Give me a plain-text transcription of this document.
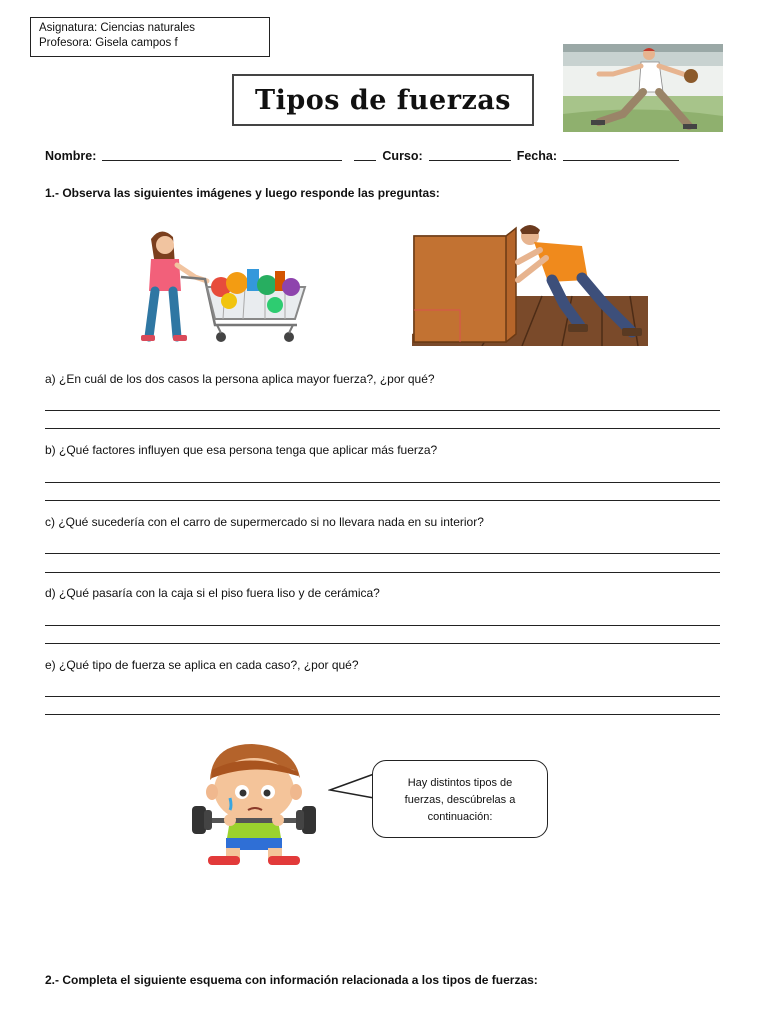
Asignatura: Ciencias naturales
Profesora: Gisela campos f
Tipos de fuerzas
Nombre:	Curso:	Fecha:
1.- Observa las siguientes imágenes y luego responde las preguntas:
a) ¿En cuál de los dos casos la persona aplica mayor fuerza?, ¿por qué?
b) ¿Qué factores influyen que esa persona tenga que aplicar más fuerza?
c) ¿Qué sucedería con el carro de supermercado si no llevara nada en su interior?
d) ¿Qué pasaría con la caja si el piso fuera liso y de cerámica?
e) ¿Qué tipo de fuerza se aplica en cada caso?, ¿por qué?
Hay distintos tipos de
fuerzas, descúbrelas a
continuación:
2.- Completa el siguiente esquema con información relacionada a los tipos de fuerzas:
